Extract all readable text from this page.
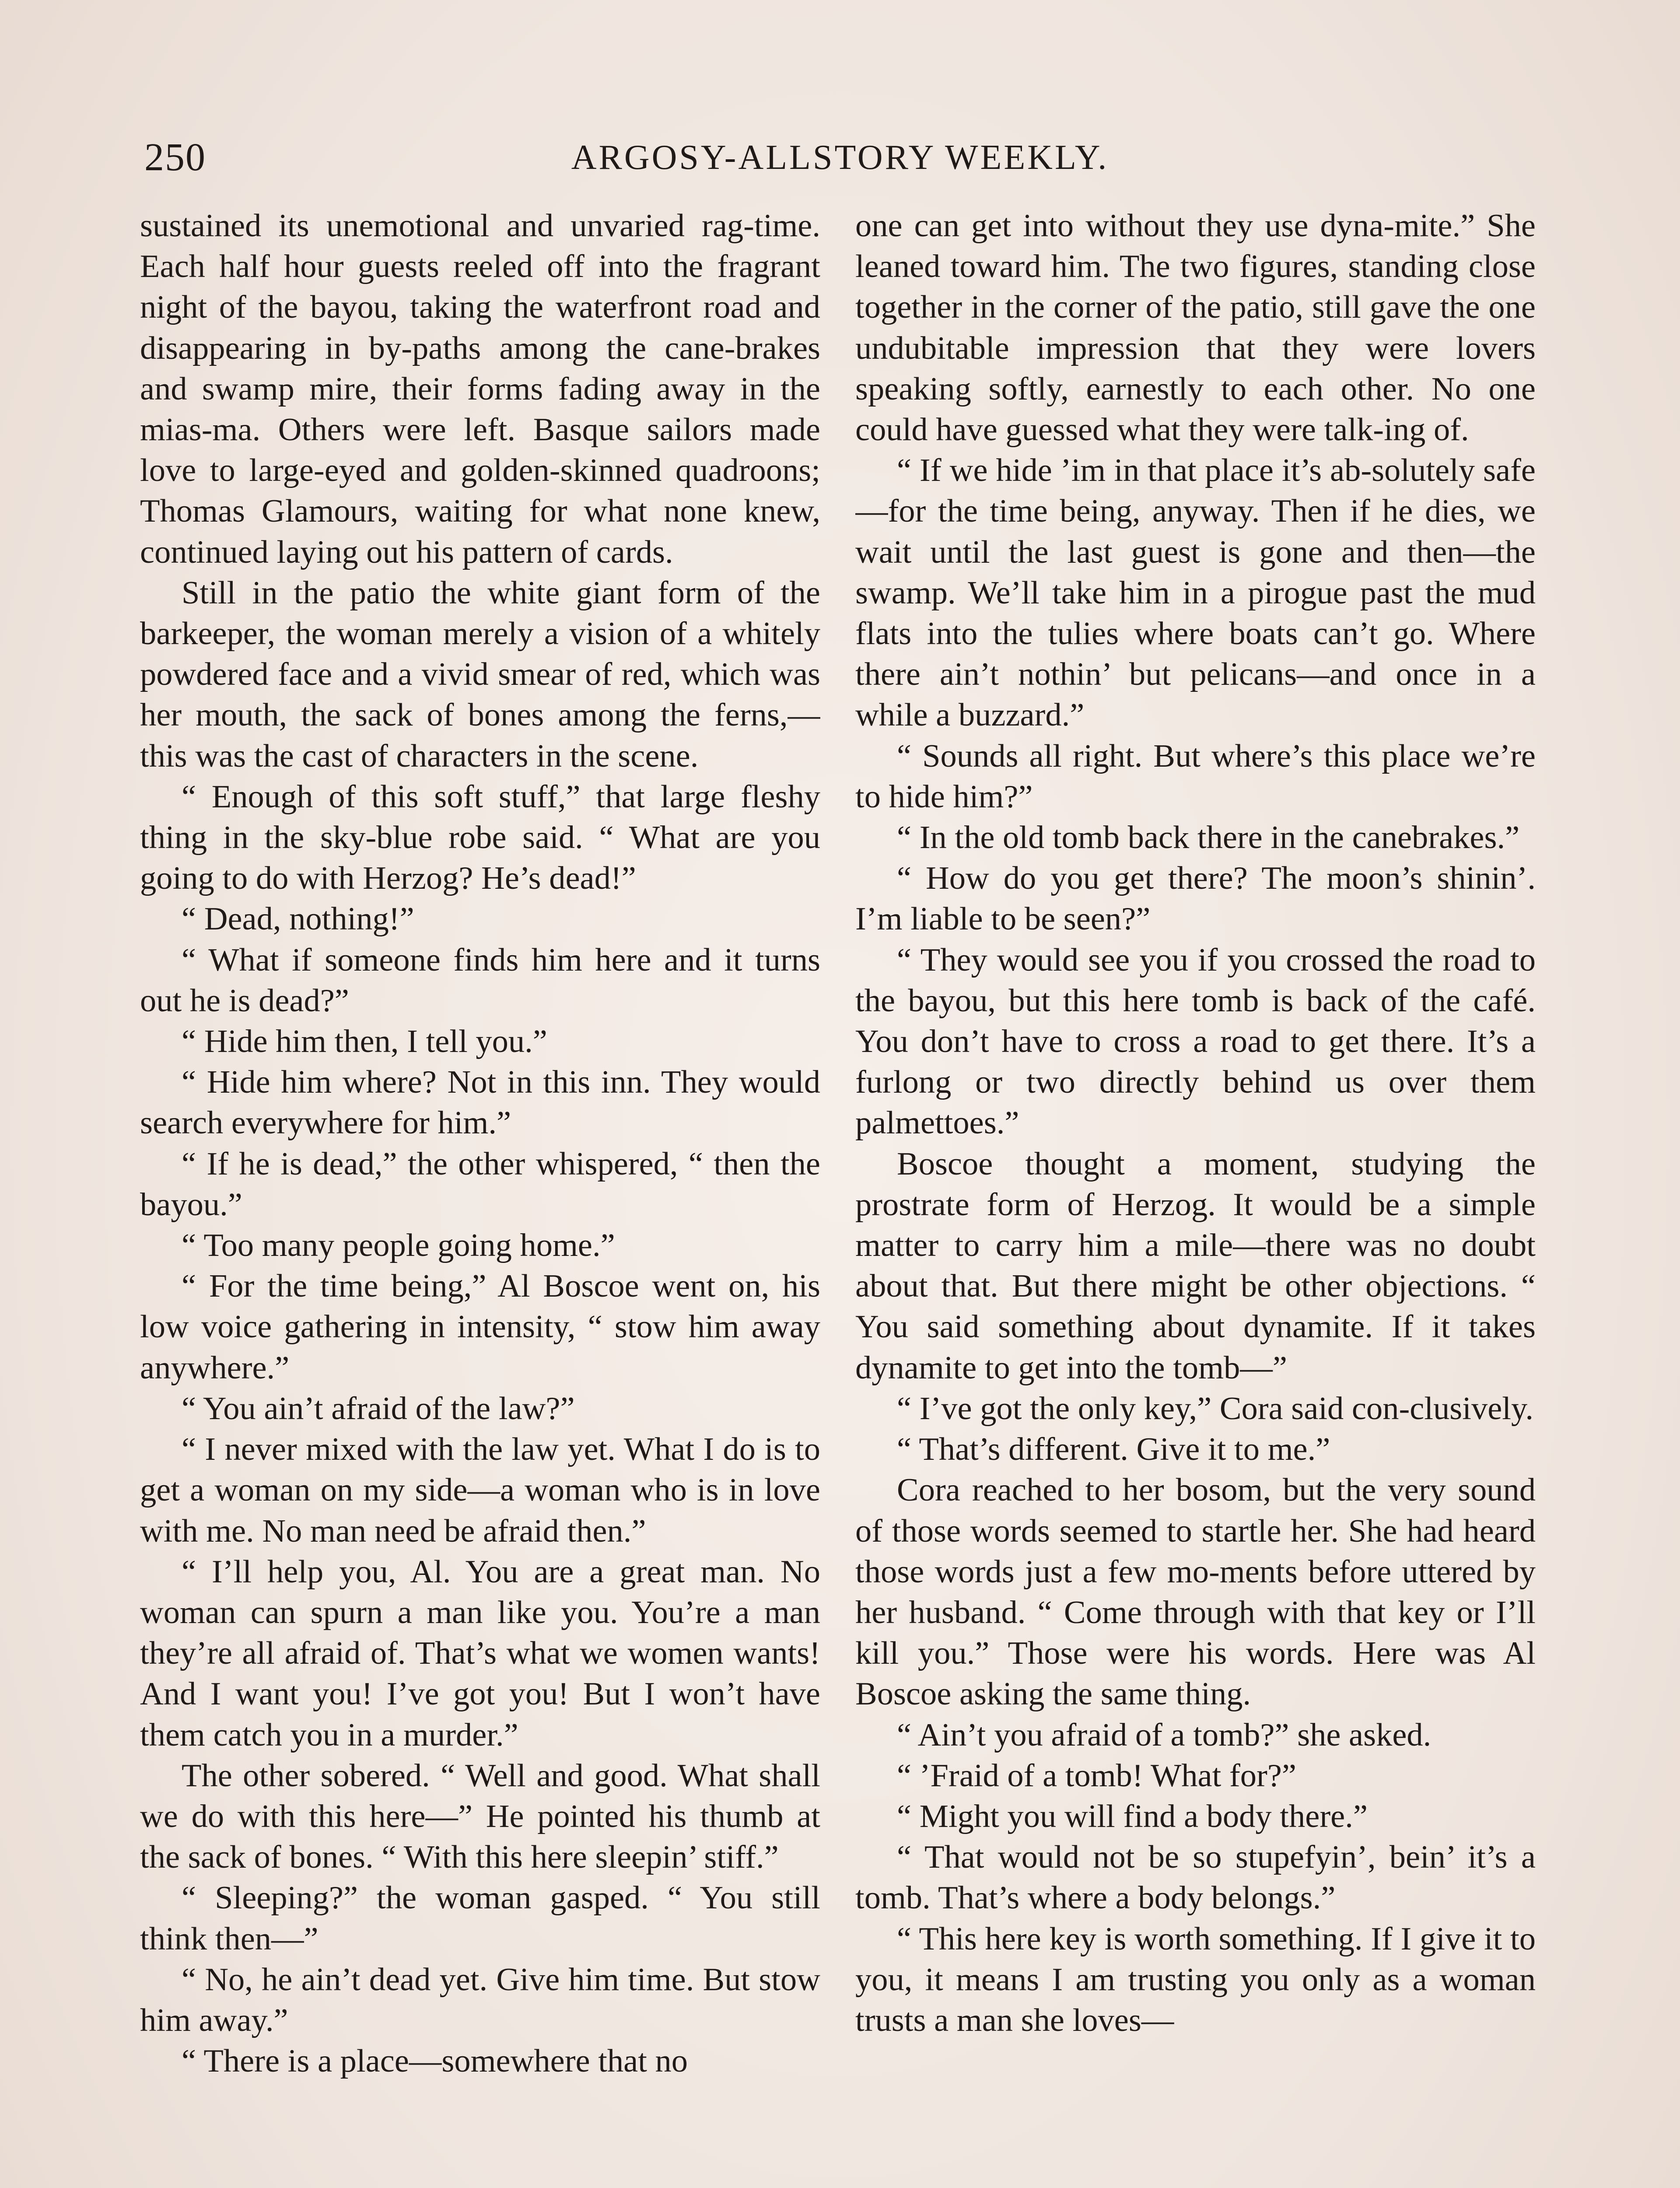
250	ARGOSY-ALLSTORY WEEKLY.

sustained its unemotional and unvaried rag-time. Each half hour guests reeled off into the fragrant night of the bayou, taking the waterfront road and disappearing in by-paths among the cane-brakes and swamp mire, their forms fading away in the mias-ma. Others were left. Basque sailors made love to large-eyed and golden-skinned quadroons; Thomas Glamours, waiting for what none knew, continued laying out his pattern of cards.

Still in the patio the white giant form of the barkeeper, the woman merely a vision of a whitely powdered face and a vivid smear of red, which was her mouth, the sack of bones among the ferns,—this was the cast of characters in the scene.

“ Enough of this soft stuff,” that large fleshy thing in the sky-blue robe said. “ What are you going to do with Herzog? He’s dead!”

“ Dead, nothing!”

“ What if someone finds him here and it turns out he is dead?”

“ Hide him then, I tell you.”

“ Hide him where? Not in this inn. They would search everywhere for him.”

“ If he is dead,” the other whispered, “ then the bayou.”

“ Too many people going home.”

“ For the time being,” Al Boscoe went on, his low voice gathering in intensity, “ stow him away anywhere.”

“ You ain’t afraid of the law?”

“ I never mixed with the law yet. What I do is to get a woman on my side—a woman who is in love with me. No man need be afraid then.”

“ I’ll help you, Al. You are a great man. No woman can spurn a man like you. You’re a man they’re all afraid of. That’s what we women wants! And I want you! I’ve got you! But I won’t have them catch you in a murder.”

The other sobered. “ Well and good. What shall we do with this here—” He pointed his thumb at the sack of bones. “ With this here sleepin’ stiff.”

“ Sleeping?” the woman gasped. “ You still think then—”

“ No, he ain’t dead yet. Give him time. But stow him away.”

“ There is a place—somewhere that no

one can get into without they use dyna-mite.” She leaned toward him. The two figures, standing close together in the corner of the patio, still gave the one undubitable impression that they were lovers speaking softly, earnestly to each other. No one could have guessed what they were talk-ing of.

“ If we hide ’im in that place it’s ab-solutely safe—for the time being, anyway. Then if he dies, we wait until the last guest is gone and then—the swamp. We’ll take him in a pirogue past the mud flats into the tulies where boats can’t go. Where there ain’t nothin’ but pelicans—and once in a while a buzzard.”

“ Sounds all right. But where’s this place we’re to hide him?”

“ In the old tomb back there in the canebrakes.”

“ How do you get there? The moon’s shinin’. I’m liable to be seen?”

“ They would see you if you crossed the road to the bayou, but this here tomb is back of the café. You don’t have to cross a road to get there. It’s a furlong or two directly behind us over them palmettoes.”

Boscoe thought a moment, studying the prostrate form of Herzog. It would be a simple matter to carry him a mile—there was no doubt about that. But there might be other objections. “ You said something about dynamite. If it takes dynamite to get into the tomb—”

“ I’ve got the only key,” Cora said con-clusively.

“ That’s different. Give it to me.”

Cora reached to her bosom, but the very sound of those words seemed to startle her. She had heard those words just a few mo-ments before uttered by her husband. “ Come through with that key or I’ll kill you.” Those were his words. Here was Al Boscoe asking the same thing.

“ Ain’t you afraid of a tomb?” she asked.

“ ’Fraid of a tomb! What for?”

“ Might you will find a body there.”

“ That would not be so stupefyin’, bein’ it’s a tomb. That’s where a body belongs.”

“ This here key is worth something. If I give it to you, it means I am trusting you only as a woman trusts a man she loves—
